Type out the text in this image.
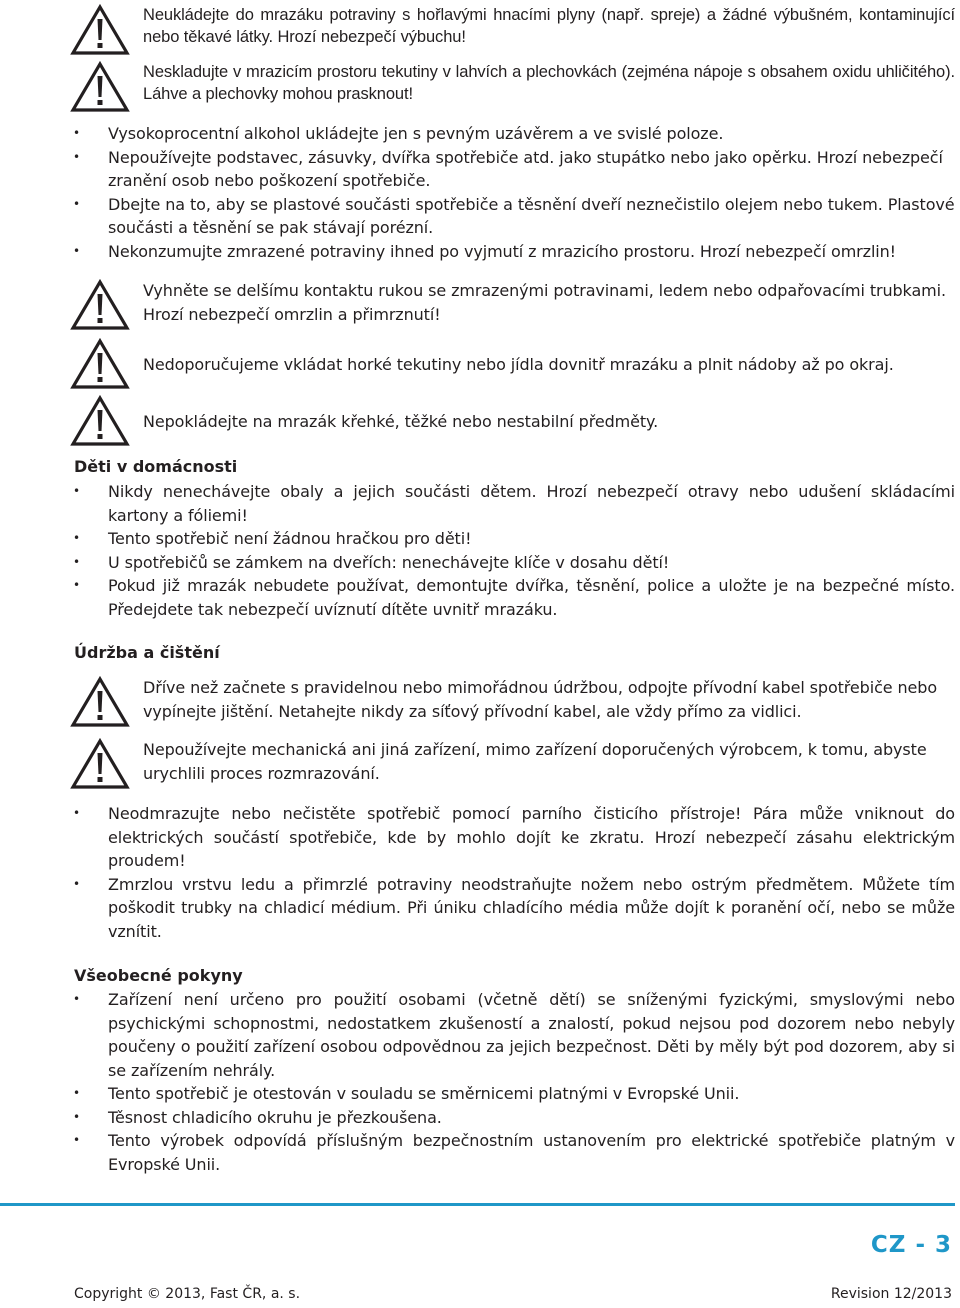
Neukládejte do mrazáku potraviny s hořlavými hnacími plyny (např. spreje) a žádné výbušném, kontaminující nebo těkavé látky. Hrozí nebezpečí výbuchu!
Neskladujte v mrazicím prostoru tekutiny v lahvích a plechovkách (zejména nápoje s obsahem oxidu uhličitého). Láhve a plechovky mohou prasknout!
• Vysokoprocentní alkohol ukládejte jen s pevným uzávěrem a ve svislé poloze.
• Nepoužívejte podstavec, zásuvky, dvířka spotřebiče atd. jako stupátko nebo jako opěrku. Hrozí nebezpečí zranění osob nebo poškození spotřebiče.
• Dbejte na to, aby se plastové součásti spotřebiče a těsnění dveří neznečistilo olejem nebo tukem. Plastové součásti a těsnění se pak stávají porézní.
• Nekonzumujte zmrazené potraviny ihned po vyjmutí z mrazicího prostoru. Hrozí nebezpečí omrzlin!
Vyhněte se delšímu kontaktu rukou se zmrazenými potravinami, ledem nebo odpařovacími trubkami. Hrozí nebezpečí omrzlin a přimrznutí!
Nedoporučujeme vkládat horké tekutiny nebo jídla dovnitř mrazáku a plnit nádoby až po okraj.
Nepokládejte na mrazák křehké, těžké nebo nestabilní předměty.
Děti v domácnosti
• Nikdy nenechávejte obaly a jejich součásti dětem. Hrozí nebezpečí otravy nebo udušení skládacími kartony a fóliemi!
• Tento spotřebič není žádnou hračkou pro děti!
• U spotřebičů se zámkem na dveřích: nenechávejte klíče v dosahu dětí!
• Pokud již mrazák nebudete používat, demontujte dvířka, těsnění, police a uložte je na bezpečné místo. Předejdete tak nebezpečí uvíznutí dítěte uvnitř mrazáku.
Údržba a čištění
Dříve než začnete s pravidelnou nebo mimořádnou údržbou, odpojte přívodní kabel spotřebiče nebo vypínejte jištění. Netahejte nikdy za síťový přívodní kabel, ale vždy přímo za vidlici.
Nepoužívejte mechanická ani jiná zařízení, mimo zařízení doporučených výrobcem, k tomu, abyste urychlili proces rozmrazování.
• Neodmrazujte nebo nečistěte spotřebič pomocí parního čisticího přístroje! Pára může vniknout do elektrických součástí spotřebiče, kde by mohlo dojít ke zkratu. Hrozí nebezpečí zásahu elektrickým proudem!
• Zmrzlou vrstvu ledu a přimrzlé potraviny neodstraňujte nožem nebo ostrým předmětem. Můžete tím poškodit trubky na chladicí médium. Při úniku chladícího média může dojít k poranění očí, nebo se může vznítit.
Všeobecné pokyny
• Zařízení není určeno pro použití osobami (včetně dětí) se sníženými fyzickými, smyslovými nebo psychickými schopnostmi, nedostatkem zkušeností a znalostí, pokud nejsou pod dozorem nebo nebyly poučeny o použití zařízení osobou odpovědnou za jejich bezpečnost. Děti by měly být pod dozorem, aby si se zařízením nehrály.
• Tento spotřebič je otestován v souladu se směrnicemi platnými v Evropské Unii.
• Těsnost chladicího okruhu je přezkoušena.
• Tento výrobek odpovídá příslušným bezpečnostním ustanovením pro elektrické spotřebiče platným v Evropské Unii.
CZ - 3
Copyright © 2013, Fast ČR, a. s.	Revision 12/2013
